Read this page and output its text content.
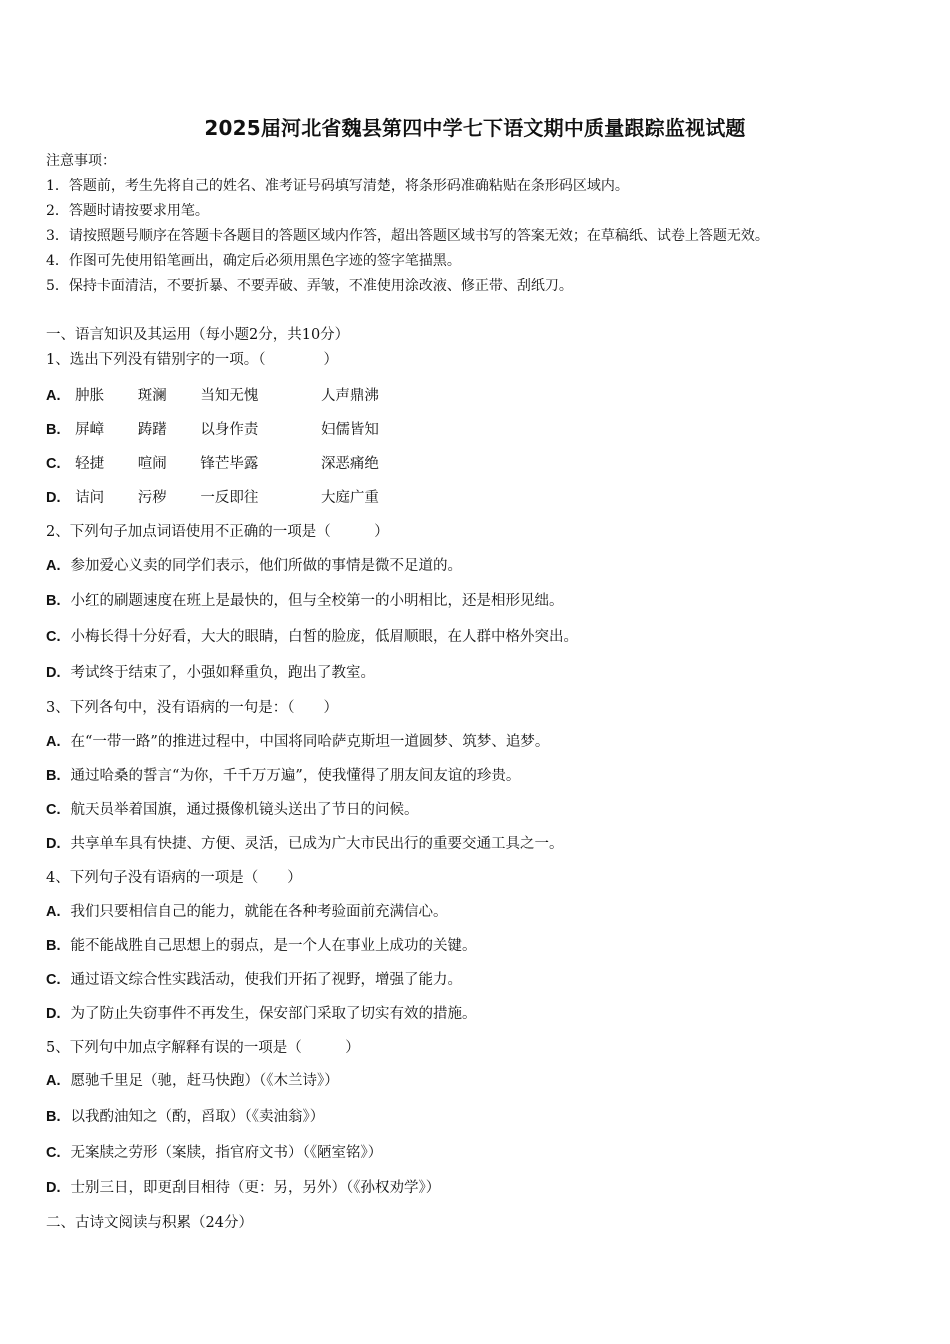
2025届河北省魏县第四中学七下语文期中质量跟踪监视试题
注意事项：
1．答题前，考生先将自己的姓名、准考证号码填写清楚，将条形码准确粘贴在条形码区域内。
2．答题时请按要求用笔。
3．请按照题号顺序在答题卡各题目的答题区域内作答，超出答题区域书写的答案无效；在草稿纸、试卷上答题无效。
4．作图可先使用铅笔画出，确定后必须用黑色字迹的签字笔描黑。
5．保持卡面清洁，不要折暴、不要弄破、弄皱，不准使用涂改液、修正带、刮纸刀。
一、语言知识及其运用（每小题2分，共10分）
1、选出下列没有错别字的一项。（　　　　）
A. 肿胀 斑澜 当知无愧	人声鼎沸
B. 屏嶂 踌躇 以身作责	妇儒皆知
C. 轻捷 喧闹 锋芒毕露	深恶痛绝
D. 诘问 污秽 一反即往	大庭广重
2、下列句子加点词语使用不正确的一项是（　　　）
A. 参加爱心义卖的同学们表示，他们所做的事情是微不足道的。
B. 小红的刷题速度在班上是最快的，但与全校第一的小明相比，还是相形见绌。
C. 小梅长得十分好看，大大的眼睛，白皙的脸庞，低眉顺眼，在人群中格外突出。
D. 考试终于结束了，小强如释重负，跑出了教室。
3、下列各句中，没有语病的一句是：（　　）
A. 在“一带一路”的推进过程中，中国将同哈萨克斯坦一道圆梦、筑梦、追梦。
B. 通过哈桑的誓言“为你，千千万万遍”，使我懂得了朋友间友谊的珍贵。
C. 航天员举着国旗，通过摄像机镜头送出了节日的问候。
D. 共享单车具有快捷、方便、灵活，已成为广大市民出行的重要交通工具之一。
4、下列句子没有语病的一项是（　　）
A. 我们只要相信自己的能力，就能在各种考验面前充满信心。
B. 能不能战胜自己思想上的弱点，是一个人在事业上成功的关键。
C. 通过语文综合性实践活动，使我们开拓了视野，增强了能力。
D. 为了防止失窃事件不再发生，保安部门采取了切实有效的措施。
5、下列句中加点字解释有误的一项是（　　　）
A. 愿驰千里足（驰，赶马快跑）（《木兰诗》）
B. 以我酌油知之（酌，舀取）（《卖油翁》）
C. 无案牍之劳形（案牍，指官府文书）（《陋室铭》）
D. 士别三日，即更刮目相待（更：另，另外）（《孙权劝学》）
二、古诗文阅读与积累（24分）
